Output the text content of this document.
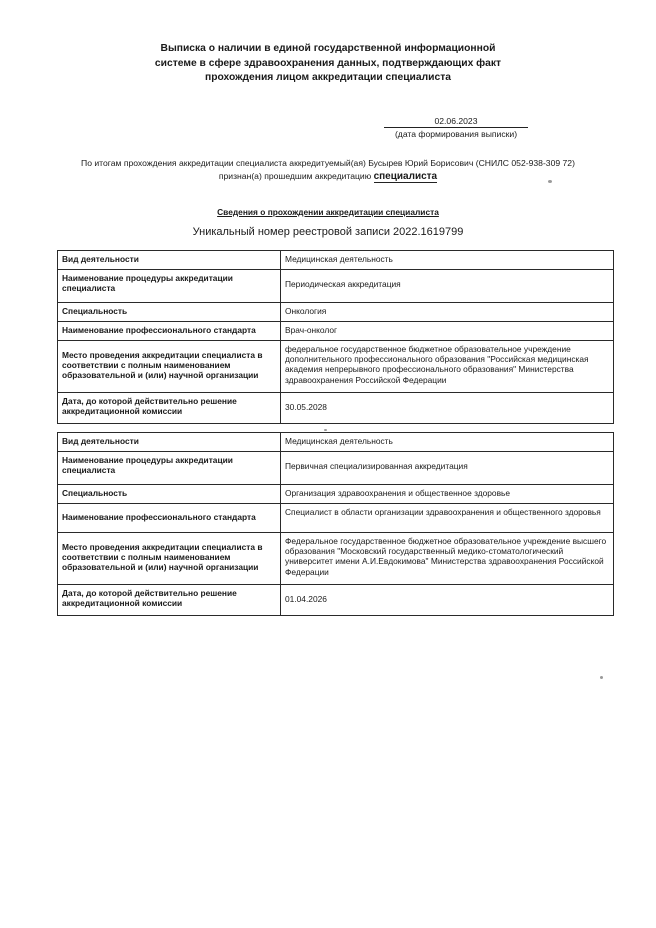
Выписка о наличии в единой государственной информационной
системе в сфере здравоохранения данных, подтверждающих факт
прохождения лицом аккредитации специалиста
02.06.2023
(дата формирования выписки)
По итогам прохождения аккредитации специалиста аккредитуемый(ая) Бусырев Юрий Борисович (СНИЛС 052-938-309 72)
признан(а) прошедшим аккредитацию специалиста
Сведения о прохождении аккредитации специалиста
Уникальный номер реестровой записи 2022.1619799
Вид деятельности	Медицинская деятельность
Наименование процедуры аккредитации специалиста	Периодическая аккредитация
Специальность	Онкология
Наименование профессионального стандарта	Врач-онколог
Место проведения аккредитации специалиста в соответствии с полным наименованием образовательной и (или) научной организации	федеральное государственное бюджетное образовательное учреждение дополнительного профессионального образования "Российская медицинская академия непрерывного профессионального образования" Министерства здравоохранения Российской Федерации
Дата, до которой действительно решение аккредитационной комиссии	30.05.2028
Вид деятельности	Медицинская деятельность
Наименование процедуры аккредитации специалиста	Первичная специализированная аккредитация
Специальность	Организация здравоохранения и общественное здоровье
Наименование профессионального стандарта	Специалист в области организации здравоохранения и общественного здоровья
Место проведения аккредитации специалиста в соответствии с полным наименованием образовательной и (или) научной организации	Федеральное государственное бюджетное образовательное учреждение высшего образования "Московский государственный медико-стоматологический университет имени А.И.Евдокимова" Министерства здравоохранения Российской Федерации
Дата, до которой действительно решение аккредитационной комиссии	01.04.2026
